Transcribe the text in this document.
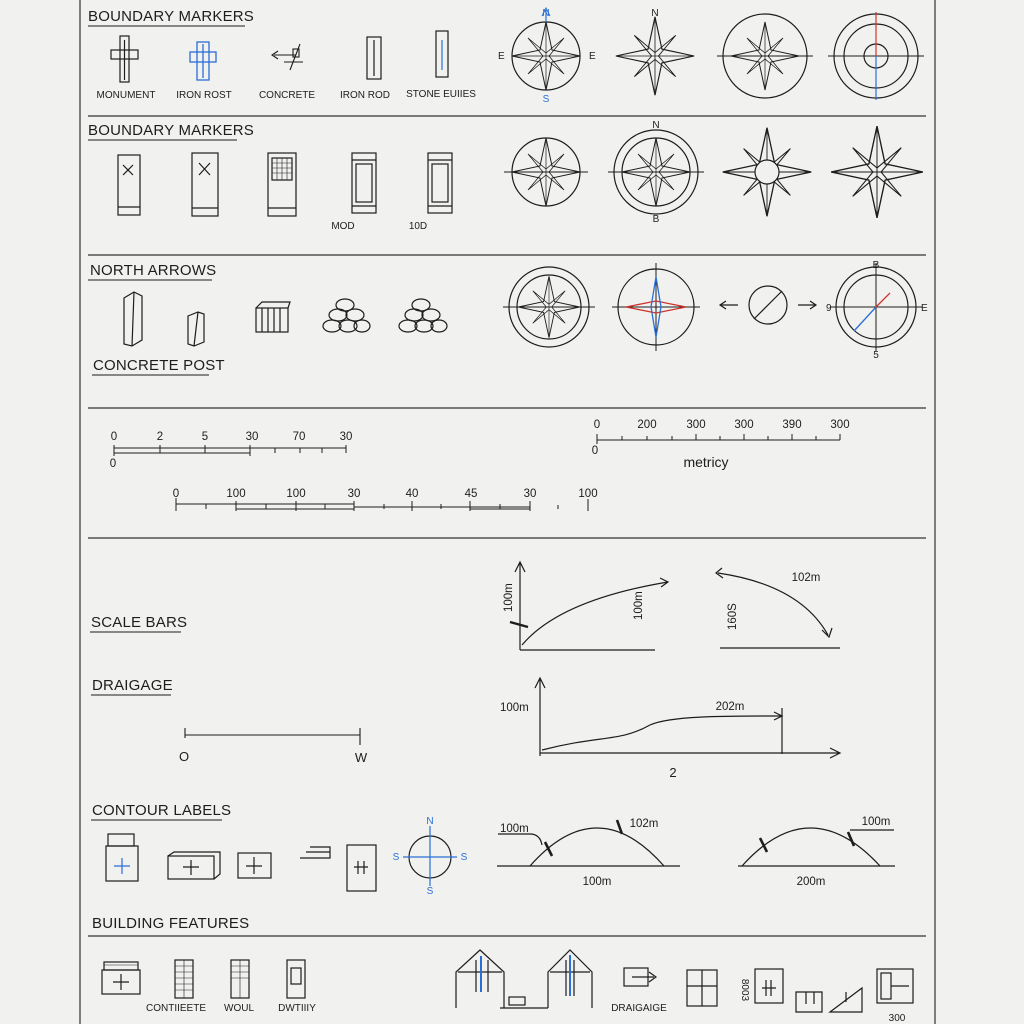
BOUNDARY MARKERS
MONUMENT IRON ROST	CONCRETE IRON ROD STONE EUIIES
N
S
E
E
N
BOUNDARY MARKERS
MOD	10D
N
B
NORTH ARROWS
CONCRETE POST
B
E
9
5
0	2	5	30	70	30
0
0	200	300	300	390	300
0
metricy
0	100	100	30	40	45	30	100
SCALE BARS
100m	100m
102m
160S
DRAIGAGE
O	W
100m	202m
2
CONTOUR LABELS
N
S	S
S
100m	102m
100m
100m
200m
BUILDING FEATURES
CONTIIEETE WOUL DWTIIIY	DRAIGAIGE
8003
300
